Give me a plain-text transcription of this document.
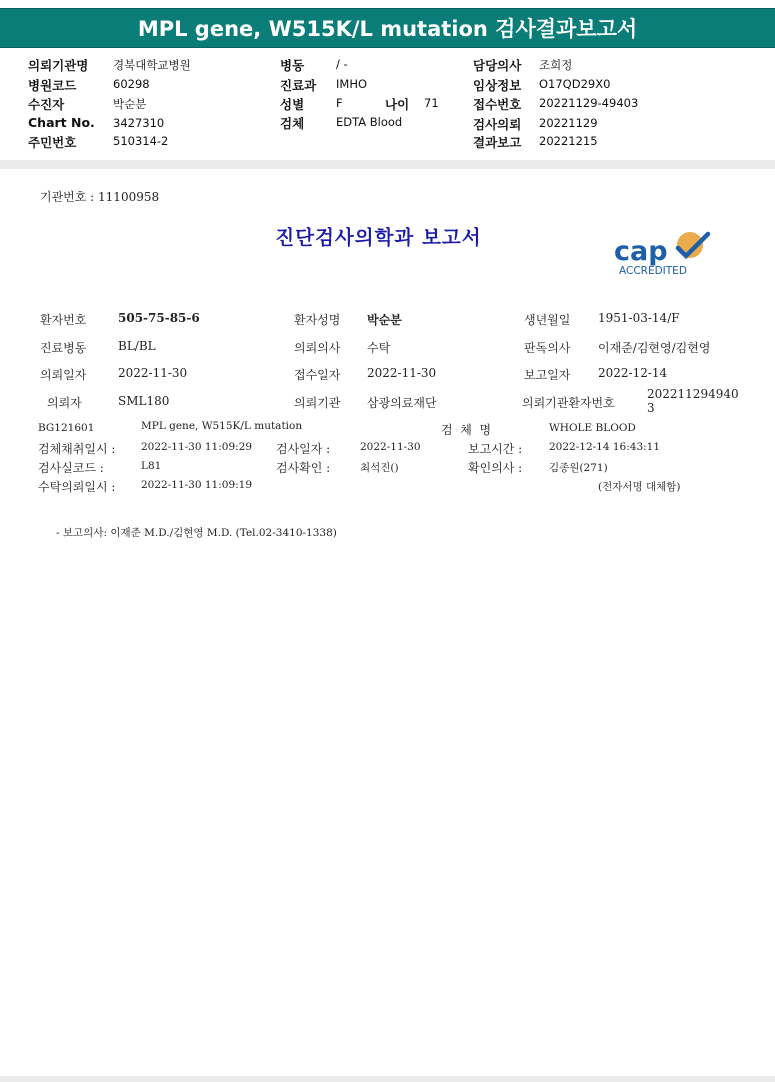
MPL gene, W515K/L mutation 검사결과보고서
의뢰기관명 경북대학교병원	병동	/ -	담당의사 조희정
병원코드	60298	진료과 IMHO	임상정보 O17QD29X0
수진자	박순분	성별	F	나이 71	접수번호 20221129-49403
Chart No. 3427310	검체	EDTA Blood	검사의뢰 20221129
주민번호	510314-2	결과보고 20221215
기관번호 : 11100958
진단검사의학과 보고서	cap
ACCREDITED
환자번호	505-75-85-6	환자성명 박순분	생년월일 1951-03-14/F
진료병동	BL/BL	의뢰의사 수탁	판독의사 이재준/김현영/김현영
의뢰일자	2022-11-30	접수일자 2022-11-30	보고일자 2022-12-14
의뢰자	SML180	의뢰기관 삼광의료재단	의뢰기관환자번호
202211294940
3
BG121601	MPL gene, W515K/L mutation	검  체  명	WHOLE BLOOD
검체채취일시 : 2022-11-30 11:09:29 검사일자 :	2022-11-30	보고시간 :	2022-12-14 16:43:11
검사실코드 :	L81	검사확인 :	최석진()	확인의사 :	김종원(271)
수탁의뢰일시 : 2022-11-30 11:09:19	(전자서명 대체함)
- 보고의사: 이재준 M.D./김현영 M.D. (Tel.02-3410-1338)
